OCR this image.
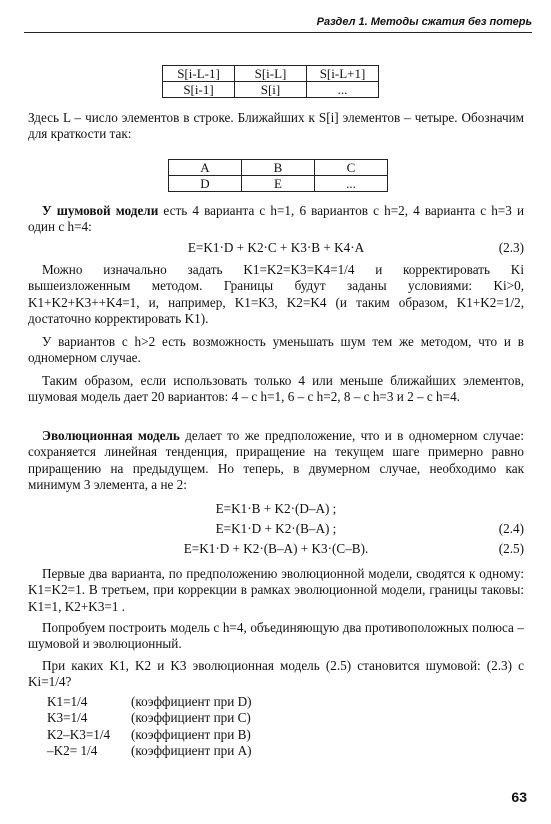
Раздел 1. Методы сжатия без потерь
S[i-L-1]	S[i-L]	S[i-L+1]
S[i-1]	S[i]	...
Здесь L – число элементов в строке. Ближайших к S[i] элементов – четыре. Обозначим для краткости так:
A	B	C
D	E	...
У шумовой модели есть 4 варианта с h=1, 6 вариантов с h=2, 4 варианта с h=3 и один с h=4:
E=K1·D + K2·C + K3·B + K4·A	(2.3)
Можно изначально задать K1=K2=K3=K4=1/4 и корректировать Ki вышеизложенным методом. Границы будут заданы условиями: Ki>0, K1+K2+K3++K4=1, и, например, K1=K3, K2=K4 (и таким образом, K1+K2=1/2, достаточно корректировать K1).
У вариантов с h>2 есть возможность уменьшать шум тем же методом, что и в одномерном случае.
Таким образом, если использовать только 4 или меньше ближайших элементов, шумовая модель дает 20 вариантов: 4 – с h=1, 6 – с h=2, 8 – с h=3 и 2 – с h=4.
Эволюционная модель делает то же предположение, что и в одномерном случае: сохраняется линейная тенденция, приращение на текущем шаге примерно равно приращению на предыдущем. Но теперь, в двумерном случае, необходимо как минимум 3 элемента, а не 2:
E=K1·B + K2·(D–A) ;
E=K1·D + K2·(B–A) ;	(2.4)
E=K1·D + K2·(B–A) + K3·(C–B).	(2.5)
Первые два варианта, по предположению эволюционной модели, сводятся к одному: K1=K2=1. В третьем, при коррекции в рамках эволюционной модели, границы таковы: K1=1, K2+K3=1 .
Попробуем построить модель с h=4, объединяющую два противоположных полюса – шумовой и эволюционный.
При каких K1, K2 и K3 эволюционная модель (2.5) становится шумовой: (2.3) с Ki=1/4?
K1=1/4	(коэффициент при D)
K3=1/4	(коэффициент при C)
K2–K3=1/4	(коэффициент при B)
–K2= 1/4	(коэффициент при A)
63
